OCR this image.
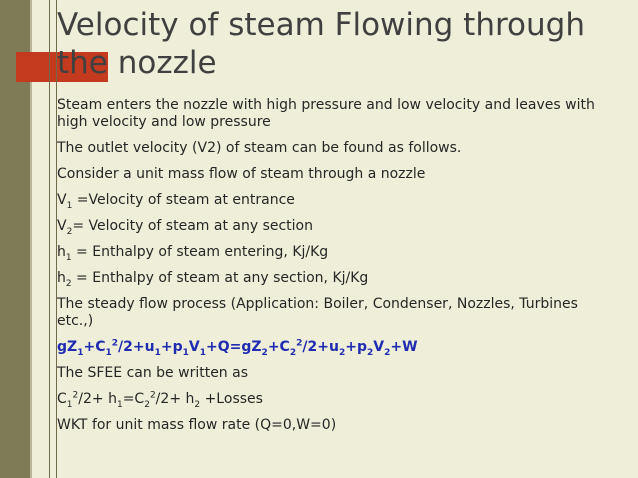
Velocity of steam Flowing through the nozzle

Steam enters the nozzle with high pressure and low velocity and leaves with high velocity and low pressure

The outlet velocity (V2) of steam can be found as follows.

Consider a unit mass flow of steam through a nozzle

$V_1$ =Velocity of steam at entrance

$V_2=$ Velocity of steam at any section

$h_1$ = Enthalpy of steam entering, Kj/Kg

$h_2$ = Enthalpy of steam at any section, Kj/Kg

The steady flow process (Application: Boiler, Condenser, Nozzles, Turbines etc.,)

$gZ_1+C_1^2/2+u_1+p_1V_1+Q=gZ_2+C_2^2/2+u_2+p_2V_2+W$

The SFEE can be written as

$C_1^2/2+ h_1=C_2^2/2+ h_2$ +Losses

WKT for unit mass flow rate (Q=0,W=0)
